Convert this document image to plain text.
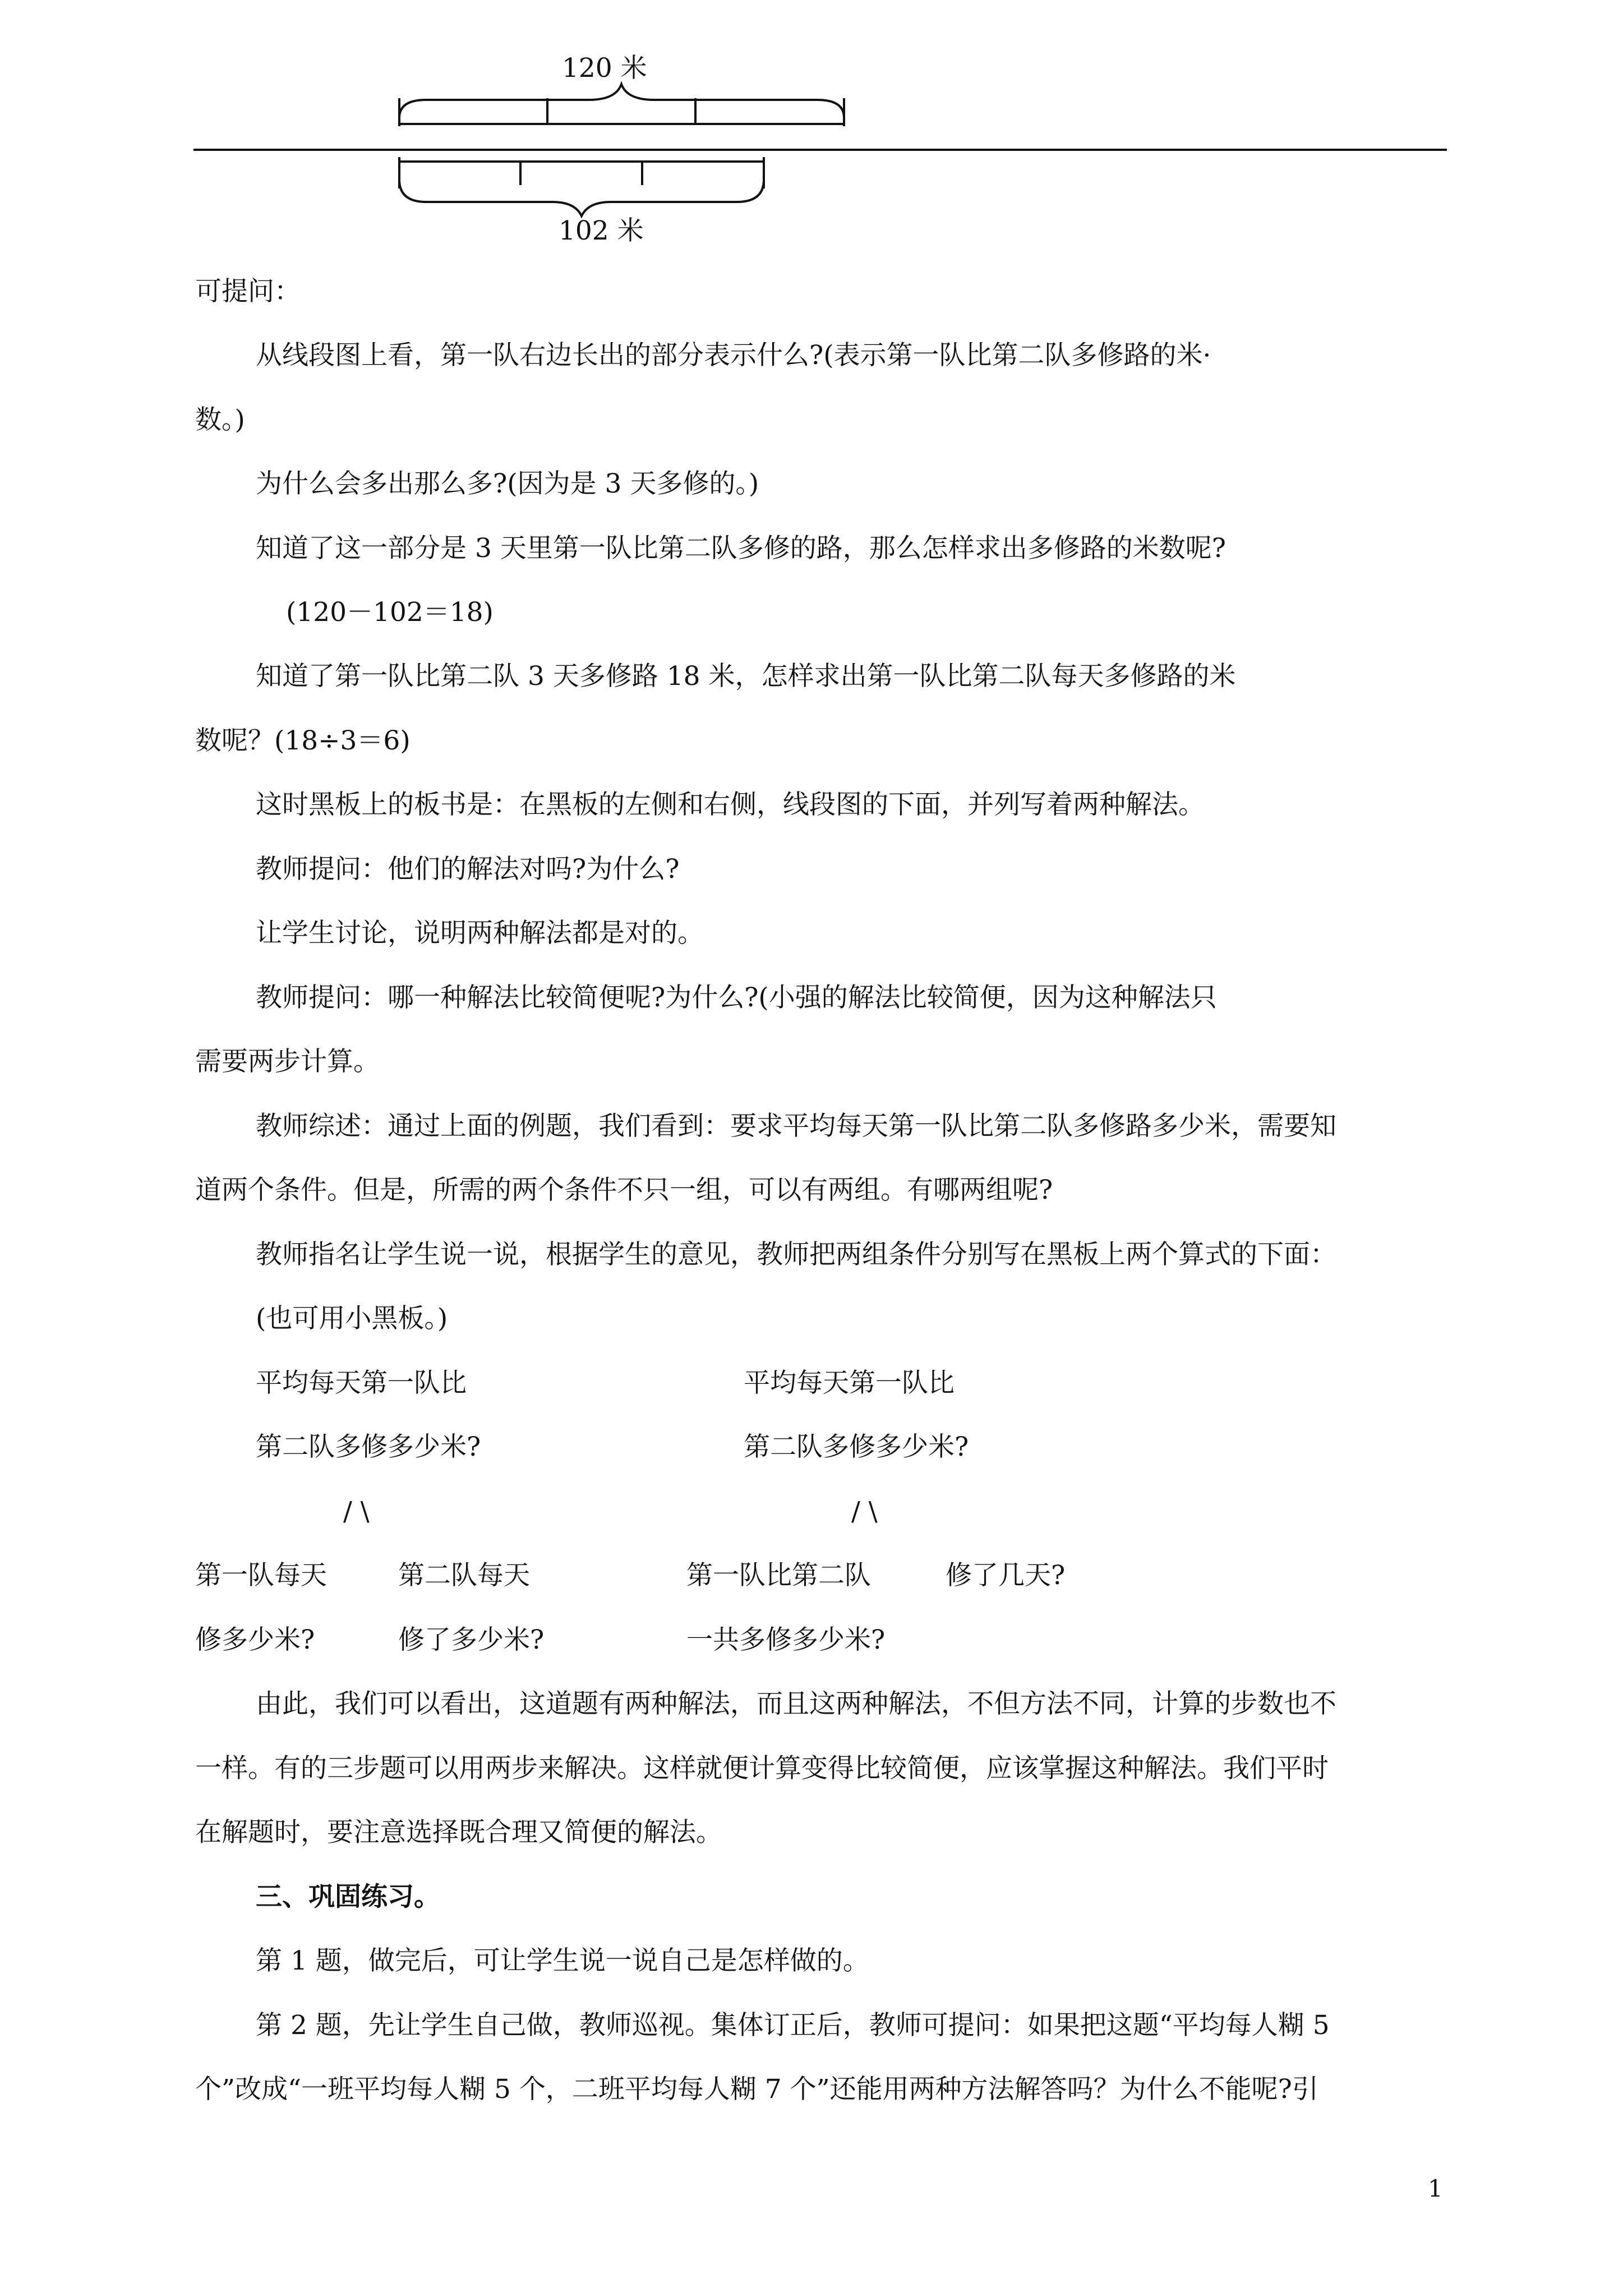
120 米
102 米
可提问：
从线段图上看，第一队右边长出的部分表示什么?(表示第一队比第二队多修路的米·
数。)
为什么会多出那么多?(因为是 3 天多修的。)
知道了这一部分是 3 天里第一队比第二队多修的路，那么怎样求出多修路的米数呢?
(120－102＝18)
知道了第一队比第二队 3 天多修路 18 米，怎样求出第一队比第二队每天多修路的米
数呢？(18÷3＝6)
这时黑板上的板书是：在黑板的左侧和右侧，线段图的下面，并列写着两种解法。
教师提问：他们的解法对吗?为什么?
让学生讨论，说明两种解法都是对的。
教师提问：哪一种解法比较简便呢?为什么?(小强的解法比较简便，因为这种解法只
需要两步计算。
教师综述：通过上面的例题，我们看到：要求平均每天第一队比第二队多修路多少米，需要知
道两个条件。但是，所需的两个条件不只一组，可以有两组。有哪两组呢?
教师指名让学生说一说，根据学生的意见，教师把两组条件分别写在黑板上两个算式的下面：
(也可用小黑板。)
平均每天第一队比	平均每天第一队比
第二队多修多少米?	第二队多修多少米?
/ \	/ \
第一队每天	第二队每天	第一队比第二队	修了几天?
修多少米?	修了多少米?	一共多修多少米?
由此，我们可以看出，这道题有两种解法，而且这两种解法，不但方法不同，计算的步数也不
一样。有的三步题可以用两步来解决。这样就便计算变得比较简便，应该掌握这种解法。我们平时
在解题时，要注意选择既合理又简便的解法。
三、巩固练习。
第 1 题，做完后，可让学生说一说自己是怎样做的。
第 2 题，先让学生自己做，教师巡视。集体订正后，教师可提问：如果把这题“平均每人糊 5
个”改成“一班平均每人糊 5 个，二班平均每人糊 7 个”还能用两种方法解答吗？为什么不能呢?引
1
